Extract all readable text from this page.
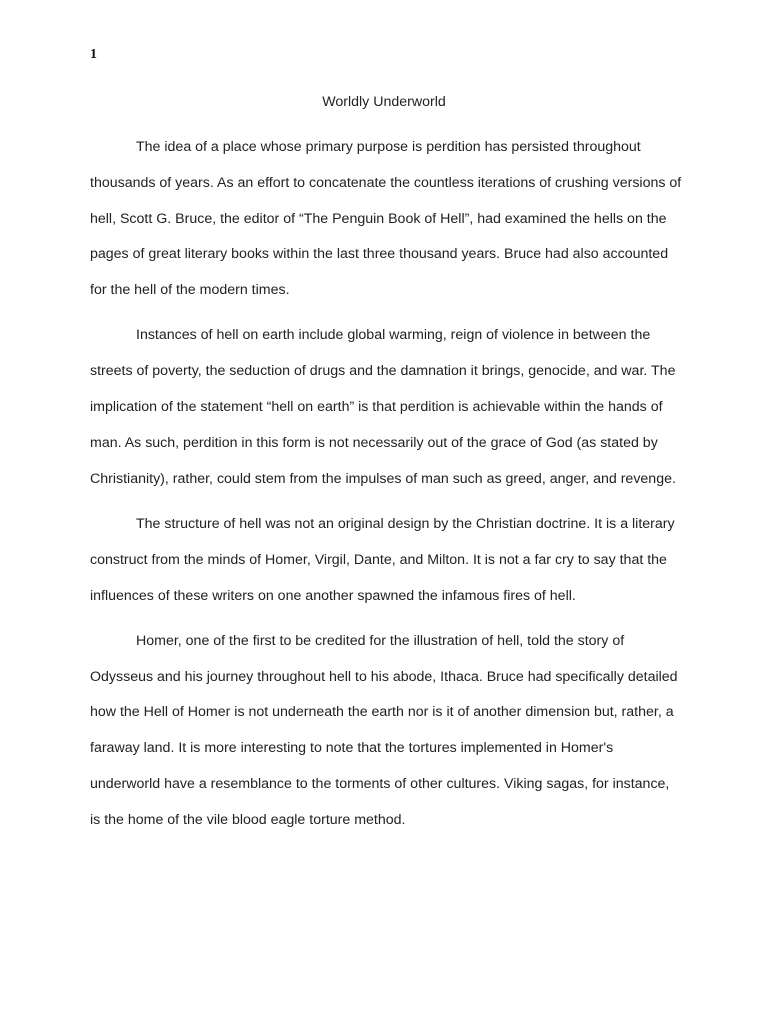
1
Worldly Underworld

The idea of a place whose primary purpose is perdition has persisted throughout thousands of years. As an effort to concatenate the countless iterations of crushing versions of hell, Scott G. Bruce, the editor of “The Penguin Book of Hell”, had examined the hells on the pages of great literary books within the last three thousand years. Bruce had also accounted for the hell of the modern times.

Instances of hell on earth include global warming, reign of violence in between the streets of poverty, the seduction of drugs and the damnation it brings, genocide, and war. The implication of the statement “hell on earth” is that perdition is achievable within the hands of man. As such, perdition in this form is not necessarily out of the grace of God (as stated by Christianity), rather, could stem from the impulses of man such as greed, anger, and revenge.

The structure of hell was not an original design by the Christian doctrine. It is a literary construct from the minds of Homer, Virgil, Dante, and Milton. It is not a far cry to say that the influences of these writers on one another spawned the infamous fires of hell.

Homer, one of the first to be credited for the illustration of hell, told the story of Odysseus and his journey throughout hell to his abode, Ithaca. Bruce had specifically detailed how the Hell of Homer is not underneath the earth nor is it of another dimension but, rather, a faraway land. It is more interesting to note that the tortures implemented in Homer's underworld have a resemblance to the torments of other cultures. Viking sagas, for instance, is the home of the vile blood eagle torture method.
